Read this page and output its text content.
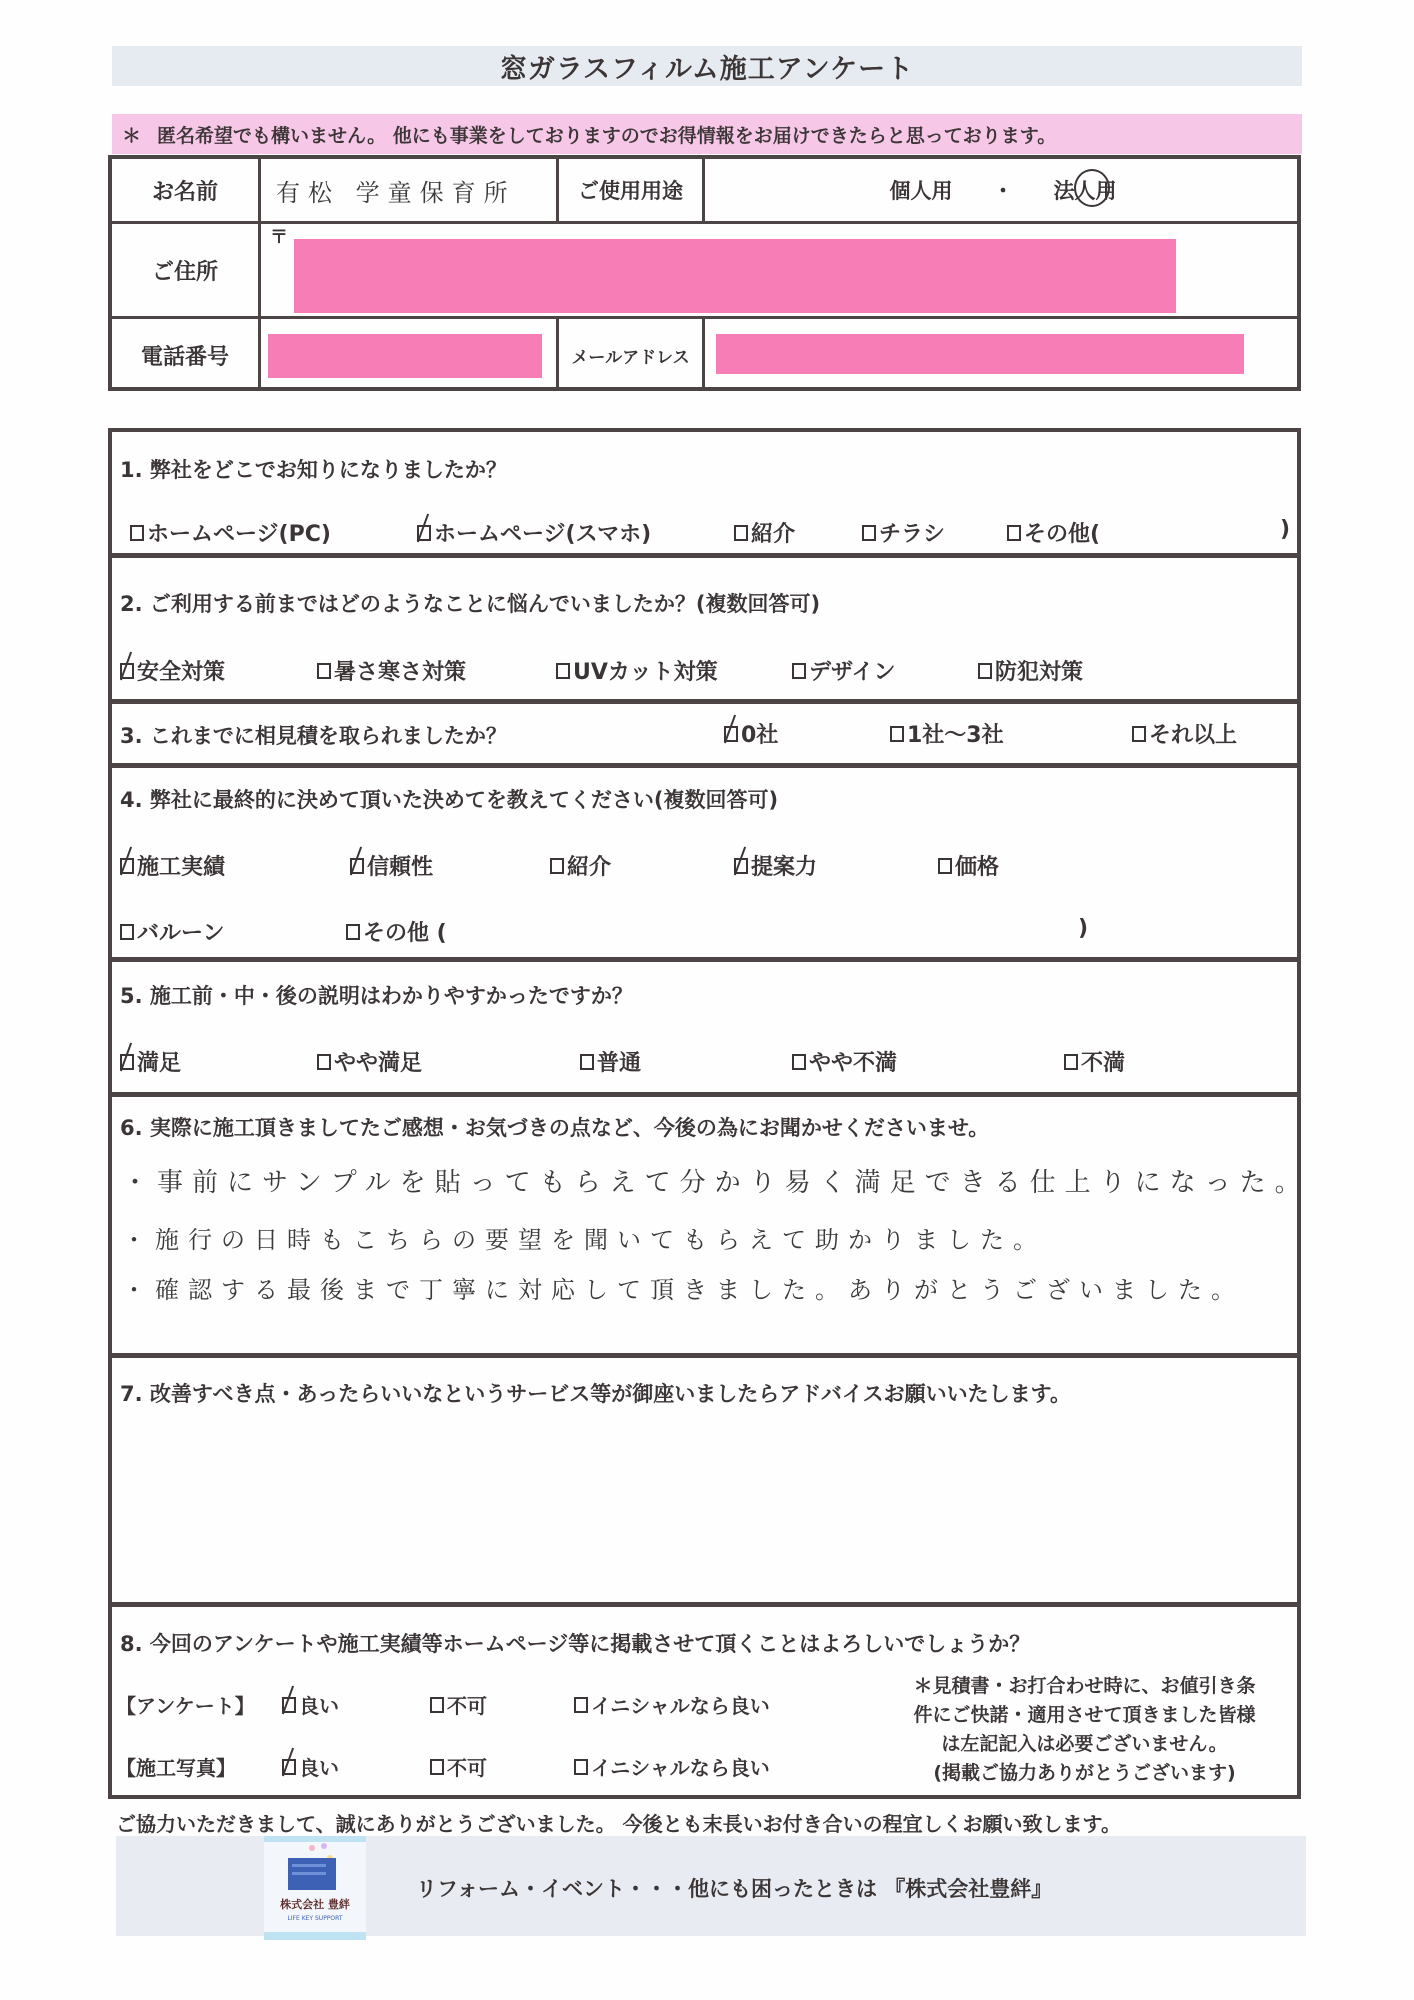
窓ガラスフィルム施工アンケート
＊ 匿名希望でも構いません。 他にも事業をしておりますのでお得情報をお届けできたらと思っております。
お名前	有松 学童保育所	ご使用用途	個人用 ・ 法人用
ご住所
〒
電話番号	メールアドレス
1. 弊社をどこでお知りになりましたか？
ホームページ(PC)	ホームページ(スマホ)	紹介	チラシ	その他(	)
2. ご利用する前まではどのようなことに悩んでいましたか？(複数回答可)
安全対策	暑さ寒さ対策	UVカット対策	デザイン	防犯対策
3. これまでに相見積を取られましたか？	0社	1社～3社	それ以上
4. 弊社に最終的に決めて頂いた決めてを教えてください(複数回答可)
施工実績	信頼性	紹介	提案力	価格
バルーン	その他 (	)
5. 施工前・中・後の説明はわかりやすかったですか？
満足	やや満足	普通	やや不満	不満
6. 実際に施工頂きましてたご感想・お気づきの点など、今後の為にお聞かせくださいませ。
・事前にサンプルを貼ってもらえて分かり易く満足できる仕上りになった。
・施行の日時もこちらの要望を聞いてもらえて助かりました。
・確認する最後まで丁寧に対応して頂きました。ありがとうございました。
7. 改善すべき点・あったらいいなというサービス等が御座いましたらアドバイスお願いいたします。
8. 今回のアンケートや施工実績等ホームページ等に掲載させて頂くことはよろしいでしょうか？
【アンケート】 良い	不可	イニシャルなら良い
【施工写真】	良い	不可	イニシャルなら良い
＊見積書・お打合わせ時に、お値引き条
件にご快諾・適用させて頂きました皆様
は左記記入は必要ございません。
(掲載ご協力ありがとうございます)
ご協力いただきまして、誠にありがとうございました。 今後とも末長いお付き合いの程宜しくお願い致します。
株式会社 豊絆
LIFE KEY SUPPORT
リフォーム・イベント・・・他にも困ったときは 『株式会社豊絆』
